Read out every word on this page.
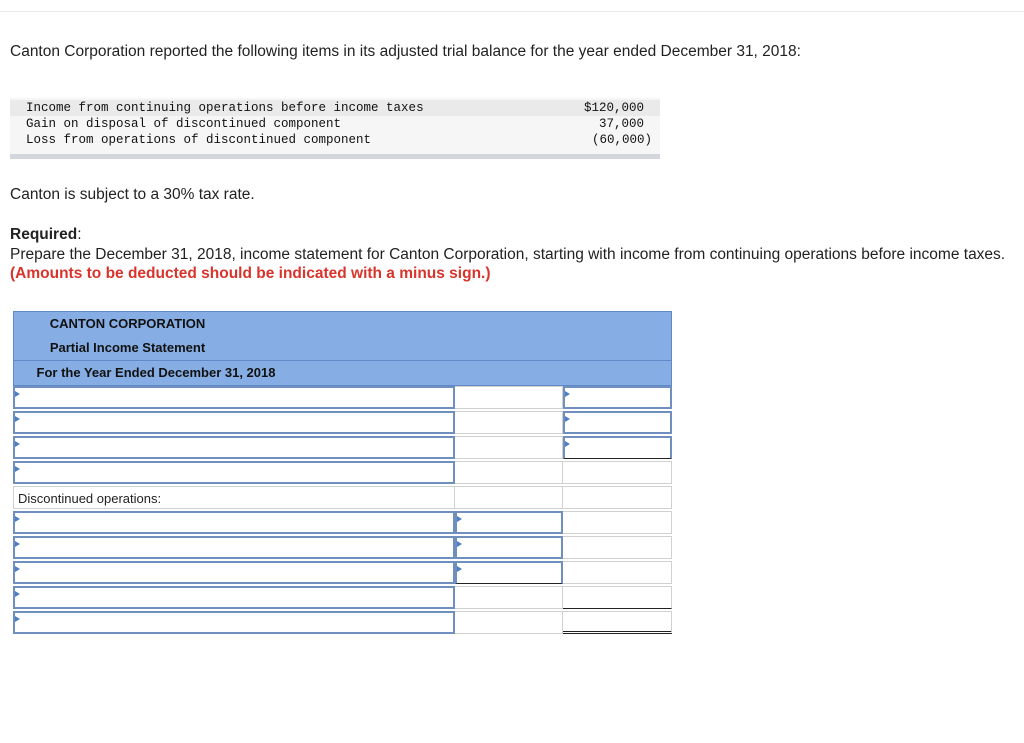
Canton Corporation reported the following items in its adjusted trial balance for the year ended December 31, 2018:
Income from continuing operations before income taxes	$120,000
Gain on disposal of discontinued component	37,000
Loss from operations of discontinued component	(60,000)
Canton is subject to a 30% tax rate.
Required:
Prepare the December 31, 2018, income statement for Canton Corporation, starting with income from continuing operations before income taxes. (Amounts to be deducted should be indicated with a minus sign.)
CANTON CORPORATION
Partial Income Statement
For the Year Ended December 31, 2018
Discontinued operations:
